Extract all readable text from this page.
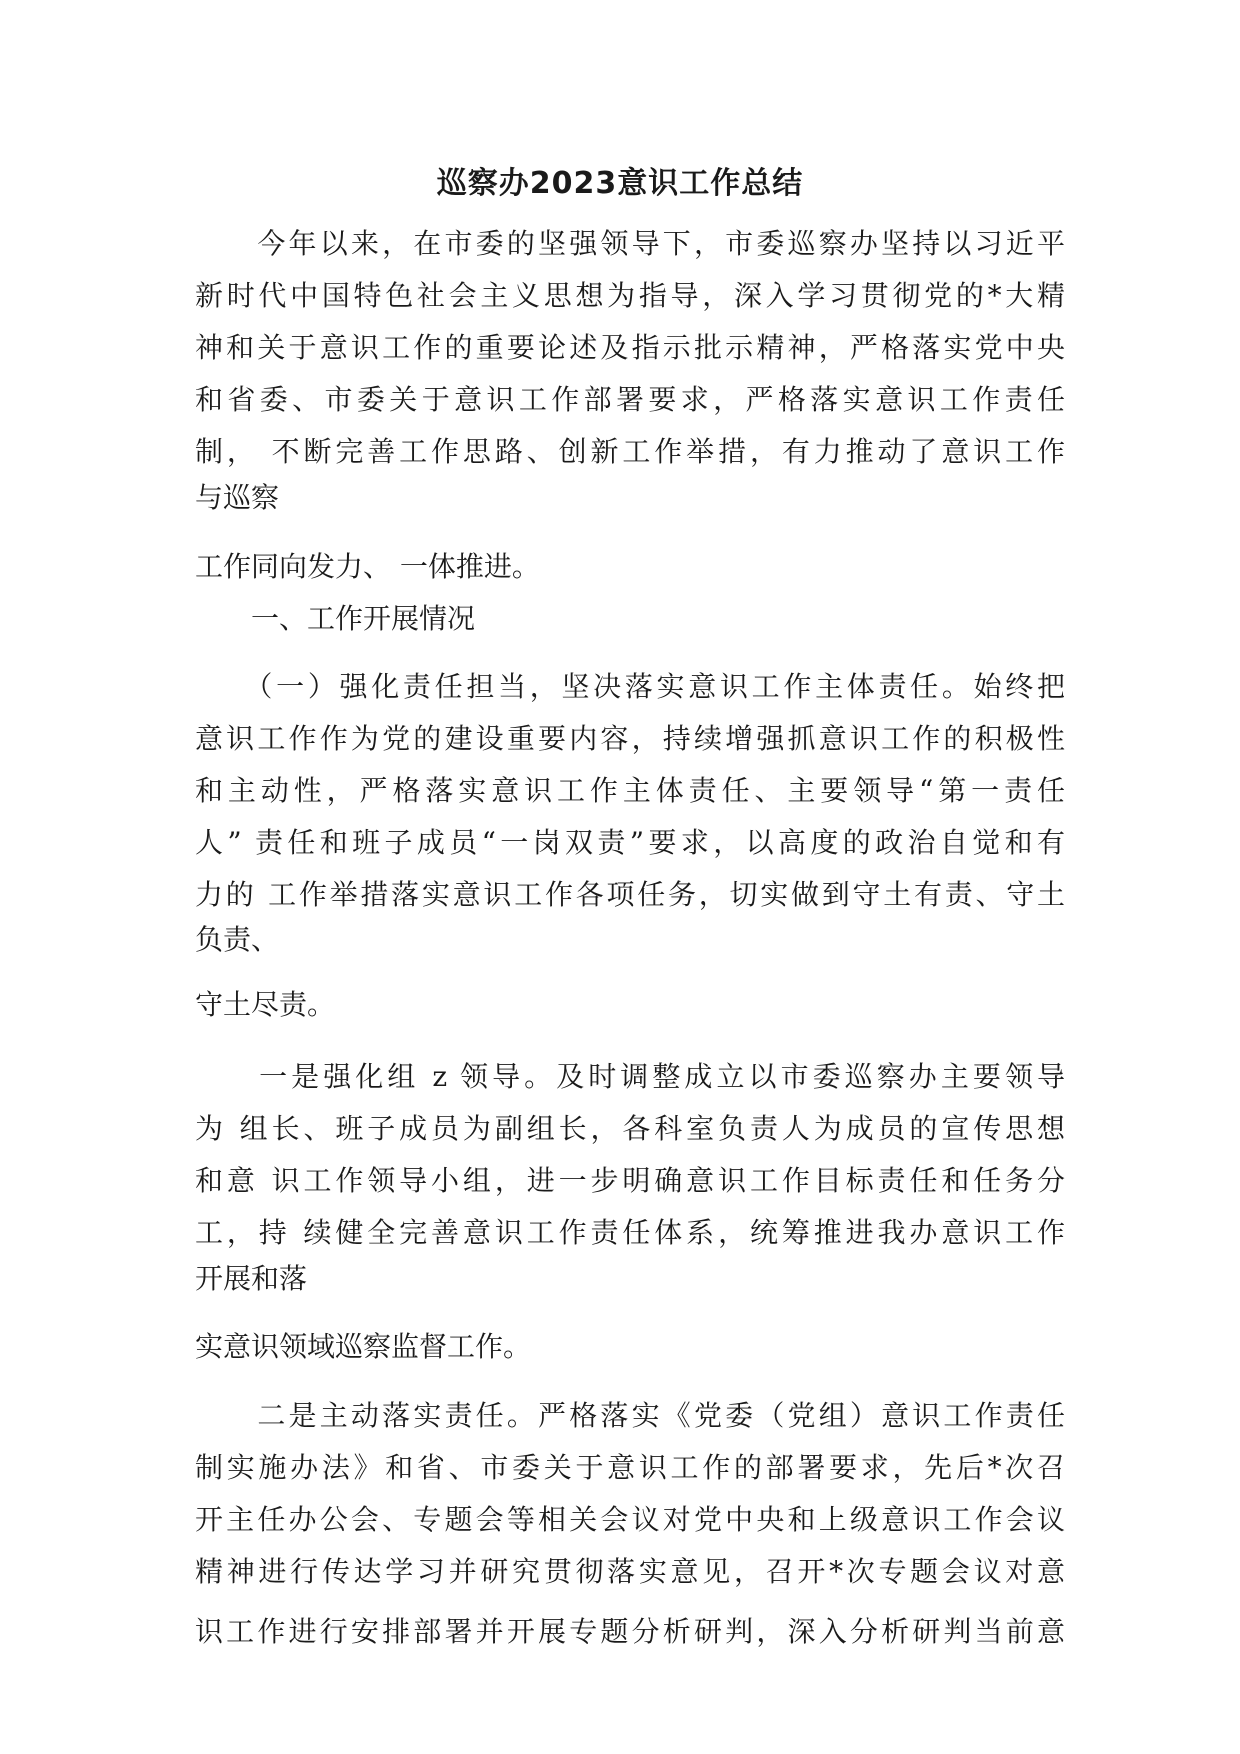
巡察办2023意识工作总结
　　今年以来，在市委的坚强领导下，市委巡察办坚持以习近平
新时代中国特色社会主义思想为指导，深入学习贯彻党的*大精
神和关于意识工作的重要论述及指示批示精神，严格落实党中央
和省委、市委关于意识工作部署要求，严格落实意识工作责任
制， 不断完善工作思路、创新工作举措，有力推动了意识工作
与巡察
工作同向发力、 一体推进。
　　一、工作开展情况
　　（一）强化责任担当，坚决落实意识工作主体责任。始终把
意识工作作为党的建设重要内容，持续增强抓意识工作的积极性
和主动性，严格落实意识工作主体责任、主要领导“第一责任
人” 责任和班子成员“一岗双责”要求，以高度的政治自觉和有
力的 工作举措落实意识工作各项任务，切实做到守土有责、守土
负责、
守土尽责。
　　一是强化组 z 领导。及时调整成立以市委巡察办主要领导
为 组长、班子成员为副组长，各科室负责人为成员的宣传思想
和意 识工作领导小组，进一步明确意识工作目标责任和任务分
工，持 续健全完善意识工作责任体系，统筹推进我办意识工作
开展和落
实意识领域巡察监督工作。
　　二是主动落实责任。严格落实《党委（党组）意识工作责任
制实施办法》和省、市委关于意识工作的部署要求，先后*次召
开主任办公会、专题会等相关会议对党中央和上级意识工作会议
精神进行传达学习并研究贯彻落实意见，召开*次专题会议对意
识工作进行安排部署并开展专题分析研判，深入分析研判当前意
